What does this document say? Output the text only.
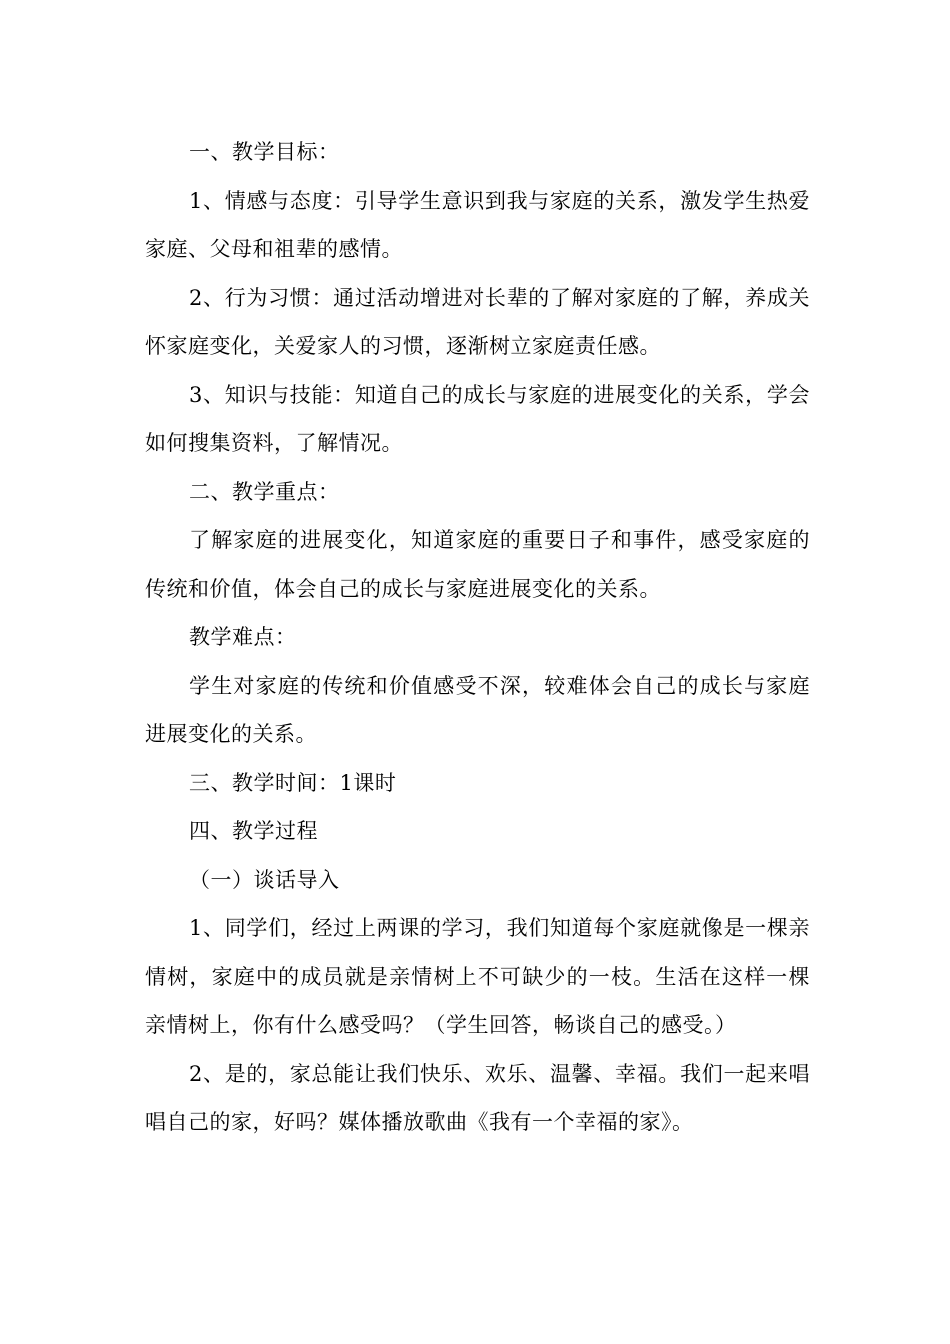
一、教学目标：

1、情感与态度：引导学生意识到我与家庭的关系，激发学生热爱家庭、父母和祖辈的感情。

2、行为习惯：通过活动增进对长辈的了解对家庭的了解，养成关怀家庭变化，关爱家人的习惯，逐渐树立家庭责任感。

3、知识与技能：知道自己的成长与家庭的进展变化的关系，学会如何搜集资料，了解情况。

二、教学重点：

了解家庭的进展变化，知道家庭的重要日子和事件，感受家庭的传统和价值，体会自己的成长与家庭进展变化的关系。

教学难点：

学生对家庭的传统和价值感受不深，较难体会自己的成长与家庭进展变化的关系。

三、教学时间：1课时

四、教学过程

（一）谈话导入

1、同学们，经过上两课的学习，我们知道每个家庭就像是一棵亲情树，家庭中的成员就是亲情树上不可缺少的一枝。生活在这样一棵亲情树上，你有什么感受吗？（学生回答，畅谈自己的感受。）

2、是的，家总能让我们快乐、欢乐、温馨、幸福。我们一起来唱唱自己的家，好吗？媒体播放歌曲《我有一个幸福的家》。
